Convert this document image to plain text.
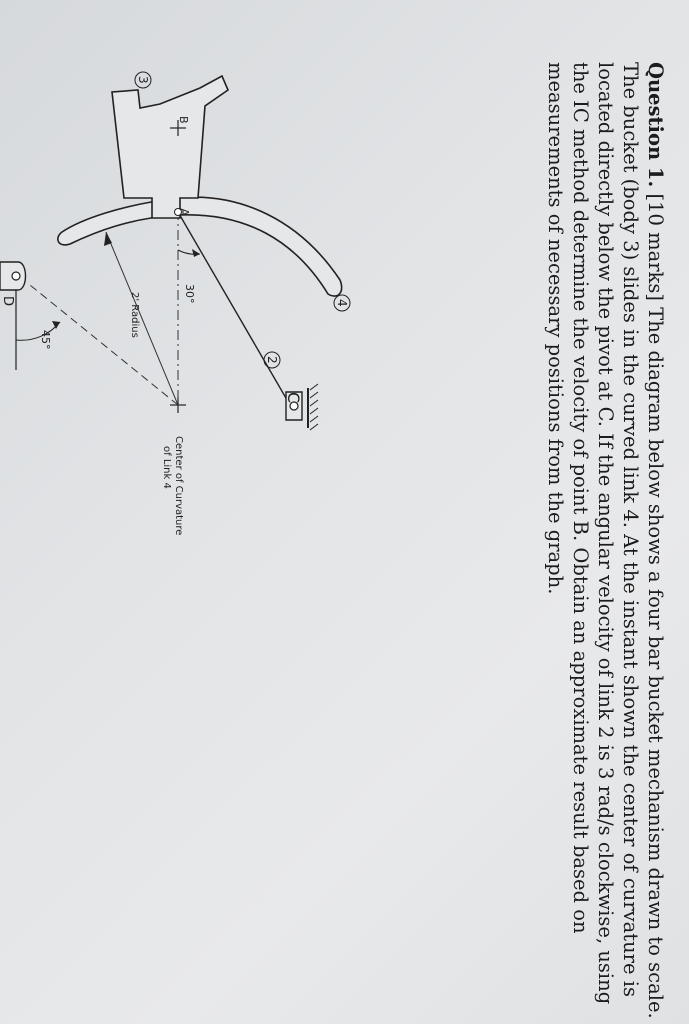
Question 1. [10 marks] The diagram below shows a four bar bucket mechanism drawn to scale.

The bucket (body 3) slides in the curved link 4. At the instant shown the center of curvature is

located directly below the pivot at C. If the angular velocity of link 2 is 3 rad/s clockwise, using

the IC method determine the velocity of point B. Obtain an approximate result based on

measurements of necessary positions from the graph.

A
B
C
D
2
3
4
30°
45°
2' Radius
Center of Curvature
of Link 4
